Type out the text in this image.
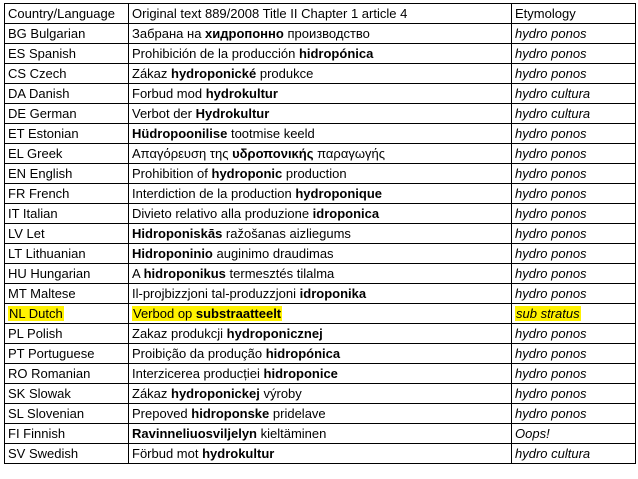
Country/Language	Original text 889/2008 Title II Chapter 1 article 4	Etymology
BG Bulgarian	Забрана на хидропонно производство	hydro ponos
ES Spanish	Prohibición de la producción hidropónica	hydro ponos
CS Czech	Zákaz hydroponické produkce	hydro ponos
DA Danish	Forbud mod hydrokultur	hydro cultura
DE German	Verbot der Hydrokultur	hydro cultura
ET Estonian	Hüdropoonilise tootmise keeld	hydro ponos
EL Greek	Απαγόρευση της υδροπονικής παραγωγής	hydro ponos
EN English	Prohibition of hydroponic production	hydro ponos
FR French	Interdiction de la production hydroponique	hydro ponos
IT Italian	Divieto relativo alla produzione idroponica	hydro ponos
LV Let	Hidroponiskās ražošanas aizliegums	hydro ponos
LT Lithuanian	Hidroponinio auginimo draudimas	hydro ponos
HU Hungarian	A hidroponikus termesztés tilalma	hydro ponos
MT Maltese	Il-projbizzjoni tal-produzzjoni idroponika	hydro ponos
NL Dutch	Verbod op substraatteelt	sub stratus
PL Polish	Zakaz produkcji hydroponicznej	hydro ponos
PT Portuguese	Proibição da produção hidropónica	hydro ponos
RO Romanian	Interzicerea producției hidroponice	hydro ponos
SK Slowak	Zákaz hydroponickej výroby	hydro ponos
SL Slovenian	Prepoved hidroponske pridelave	hydro ponos
FI Finnish	Ravinneliuosviljelyn kieltäminen	Oops!
SV Swedish	Förbud mot hydrokultur	hydro cultura
